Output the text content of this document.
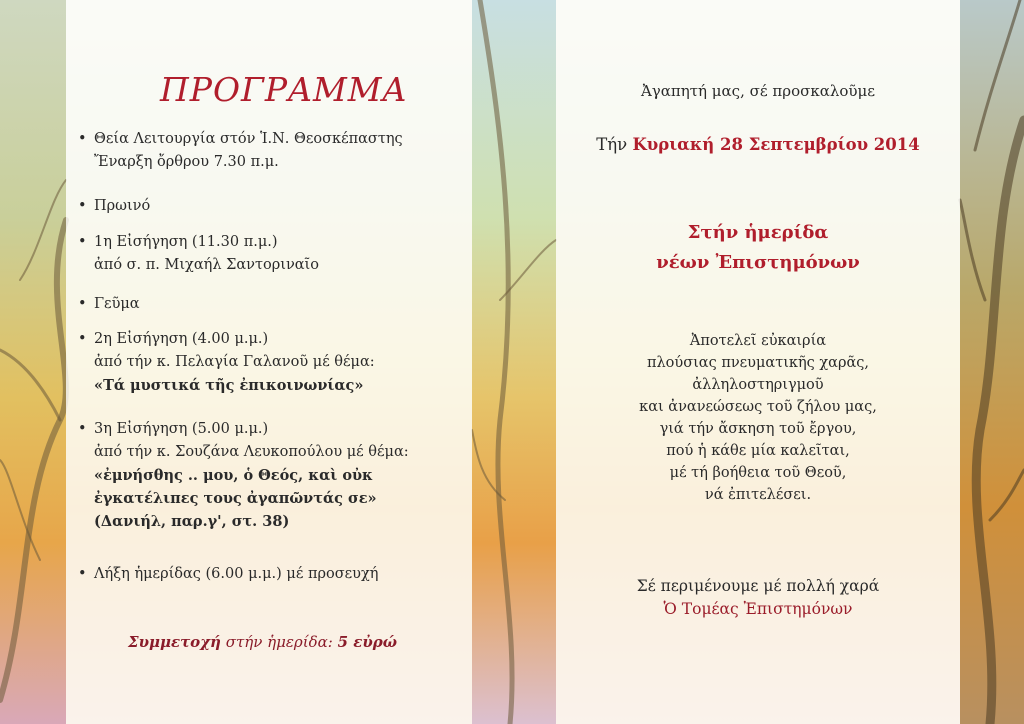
ΠΡΟΓΡΑΜΜΑ
• Θεία Λειτουργία στόν Ἱ.Ν. Θεοσκέπαστης
Ἔναρξη ὄρθρου 7.30 π.μ.
• Πρωινό
• 1η Εἰσήγηση (11.30 π.μ.)
ἀπό σ. π. Μιχαήλ Σαντοριναῖο
• Γεῦμα
• 2η Εἰσήγηση (4.00 μ.μ.)
ἀπό τήν κ. Πελαγία Γαλανοῦ μέ θέμα:
«Τά μυστικά τῆς ἐπικοινωνίας»
• 3η Εἰσήγηση (5.00 μ.μ.)
ἀπό τήν κ. Σουζάνα Λευκοπούλου μέ θέμα:
«ἐμνήσθης .. μου, ὁ Θεός, καὶ οὐκ
ἐγκατέλιπες τους ἀγαπῶντάς σε»
(Δανιήλ, παρ.γ', στ. 38)
• Λήξη ἡμερίδας (6.00 μ.μ.) μέ προσευχή
Συμμετοχή στήν ἡμερίδα: 5 εὐρώ
Ἀγαπητή μας, σέ προσκαλοῦμε
Τήν Κυριακή 28 Σεπτεμβρίου 2014
Στήν ἡμερίδα
νέων Ἐπιστημόνων
Ἀποτελεῖ εὐκαιρία
πλούσιας πνευματικῆς χαρᾶς,
ἀλληλοστηριγμοῦ
και ἀνανεώσεως τοῦ ζήλου μας,
γιά τήν ἄσκηση τοῦ ἔργου,
πού ἡ κάθε μία καλεῖται,
μέ τή βοήθεια τοῦ Θεοῦ,
νά ἐπιτελέσει.
Σέ περιμένουμε μέ πολλή χαρά
Ὁ Τομέας Ἐπιστημόνων
